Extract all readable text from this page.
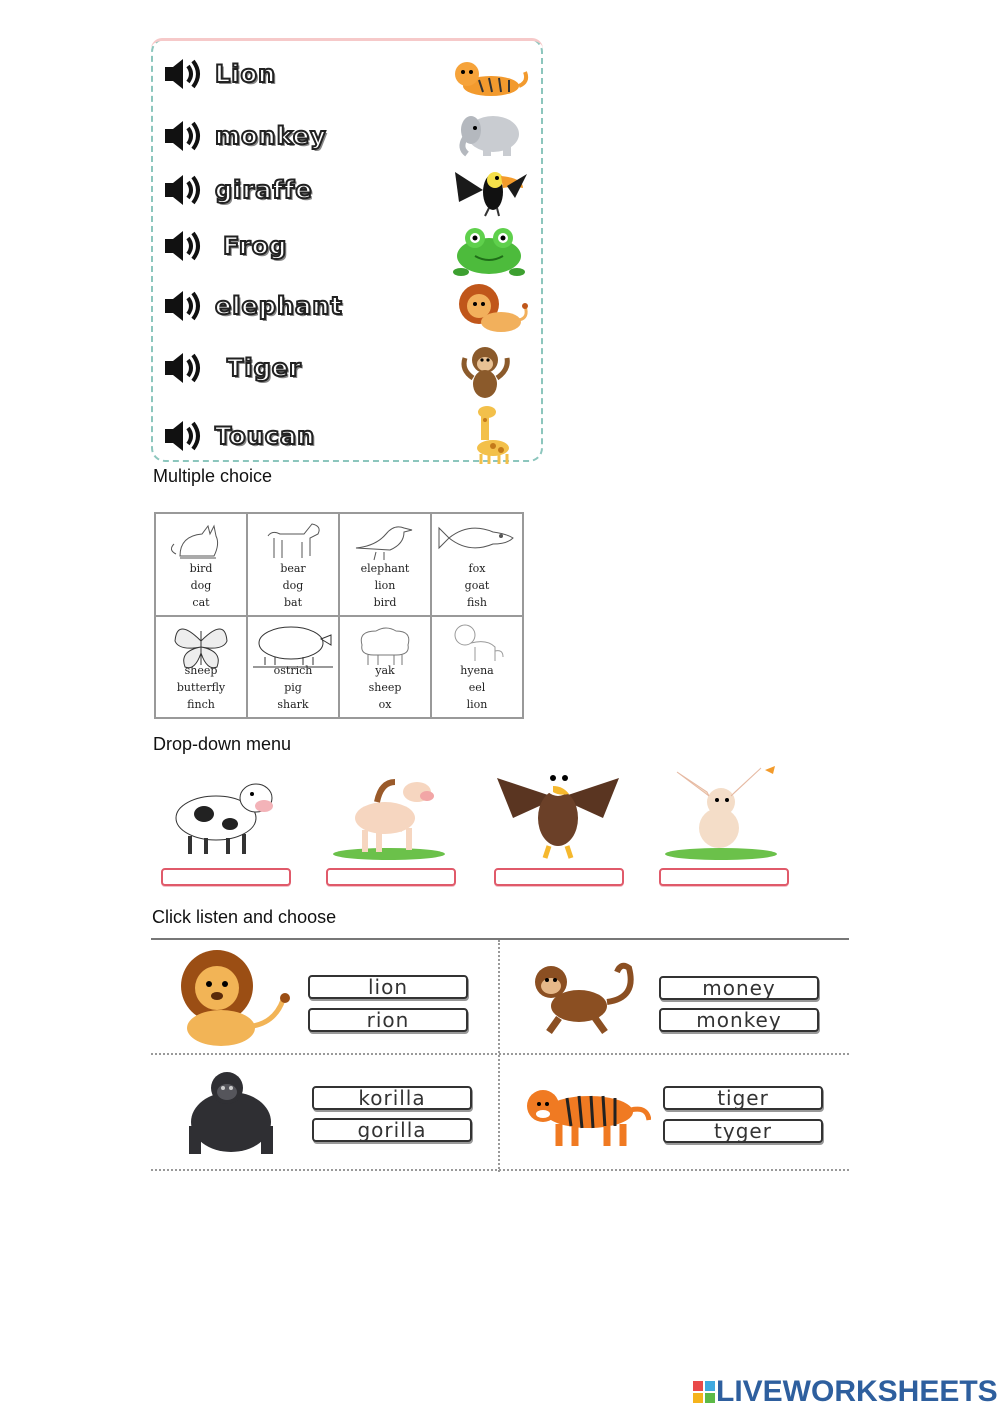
Lion
monkey
giraffe
Frog
elephant
Tiger
Toucan
Multiple choice
bird
dog
cat
bear
dog
bat
elephant
lion
bird
fox
goat
fish
sheep
butterfly
finch
ostrich
pig
shark
yak
sheep
ox
hyena
eel
lion
Drop-down menu
Click listen and choose
lion
rion
money
monkey
korilla
gorilla
tiger
tyger
LIVEWORKSHEETS
